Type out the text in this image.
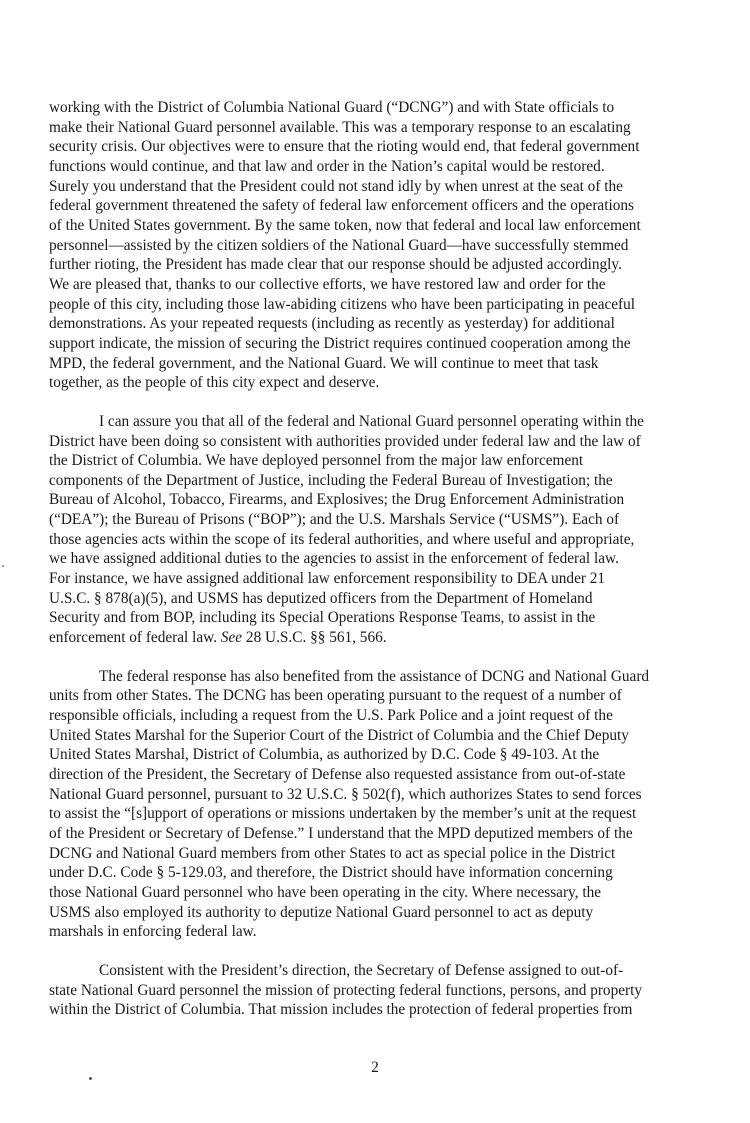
working with the District of Columbia National Guard (“DCNG”) and with State officials to
make their National Guard personnel available. This was a temporary response to an escalating
security crisis. Our objectives were to ensure that the rioting would end, that federal government
functions would continue, and that law and order in the Nation’s capital would be restored.
Surely you understand that the President could not stand idly by when unrest at the seat of the
federal government threatened the safety of federal law enforcement officers and the operations
of the United States government. By the same token, now that federal and local law enforcement
personnel—assisted by the citizen soldiers of the National Guard—have successfully stemmed
further rioting, the President has made clear that our response should be adjusted accordingly.
We are pleased that, thanks to our collective efforts, we have restored law and order for the
people of this city, including those law-abiding citizens who have been participating in peaceful
demonstrations. As your repeated requests (including as recently as yesterday) for additional
support indicate, the mission of securing the District requires continued cooperation among the
MPD, the federal government, and the National Guard. We will continue to meet that task
together, as the people of this city expect and deserve.

I can assure you that all of the federal and National Guard personnel operating within the
District have been doing so consistent with authorities provided under federal law and the law of
the District of Columbia. We have deployed personnel from the major law enforcement
components of the Department of Justice, including the Federal Bureau of Investigation; the
Bureau of Alcohol, Tobacco, Firearms, and Explosives; the Drug Enforcement Administration
(“DEA”); the Bureau of Prisons (“BOP”); and the U.S. Marshals Service (“USMS”). Each of
those agencies acts within the scope of its federal authorities, and where useful and appropriate,
we have assigned additional duties to the agencies to assist in the enforcement of federal law.
For instance, we have assigned additional law enforcement responsibility to DEA under 21
U.S.C. § 878(a)(5), and USMS has deputized officers from the Department of Homeland
Security and from BOP, including its Special Operations Response Teams, to assist in the
enforcement of federal law. See 28 U.S.C. §§ 561, 566.

The federal response has also benefited from the assistance of DCNG and National Guard
units from other States. The DCNG has been operating pursuant to the request of a number of
responsible officials, including a request from the U.S. Park Police and a joint request of the
United States Marshal for the Superior Court of the District of Columbia and the Chief Deputy
United States Marshal, District of Columbia, as authorized by D.C. Code § 49-103. At the
direction of the President, the Secretary of Defense also requested assistance from out-of-state
National Guard personnel, pursuant to 32 U.S.C. § 502(f), which authorizes States to send forces
to assist the “[s]upport of operations or missions undertaken by the member’s unit at the request
of the President or Secretary of Defense.” I understand that the MPD deputized members of the
DCNG and National Guard members from other States to act as special police in the District
under D.C. Code § 5-129.03, and therefore, the District should have information concerning
those National Guard personnel who have been operating in the city. Where necessary, the
USMS also employed its authority to deputize National Guard personnel to act as deputy
marshals in enforcing federal law.

Consistent with the President’s direction, the Secretary of Defense assigned to out-of-
state National Guard personnel the mission of protecting federal functions, persons, and property
within the District of Columbia. That mission includes the protection of federal properties from

2
